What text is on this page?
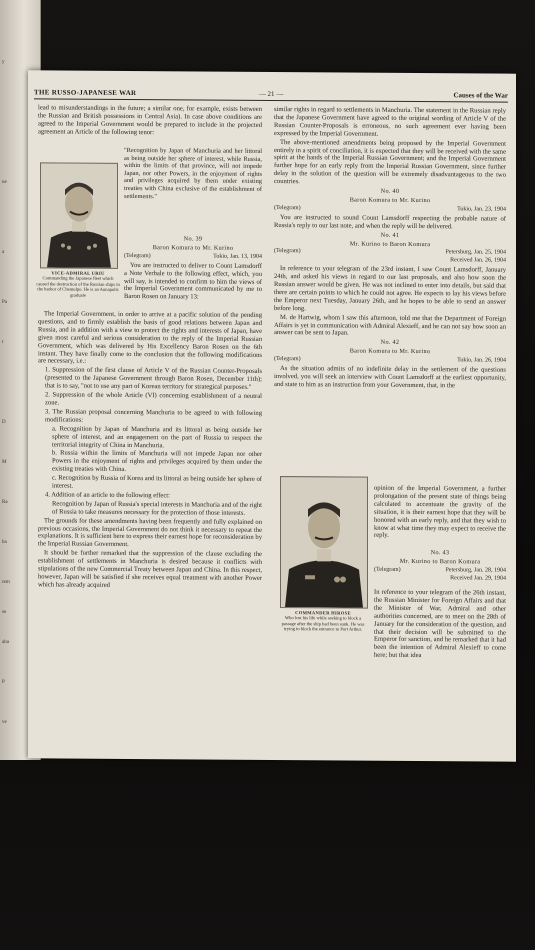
y
ne
a
Pa
t
D
M
Ra
ba
rem
se
aba
P
ve
THE RUSSO-JAPANESE WAR	— 21 —	Causes of the War
VICE-ADMIRAL URIU
Commanding the Japanese fleet which caused the destruction of the Russian ships in the harbor of Chemulpo. He is an Annapolis graduate

lead to misunderstandings in the future; a similar one, for example, exists between the Russian and British possessions in Central Asia). In case above conditions are agreed to the Imperial Government would be prepared to include in the projected agreement an Article of the following tenor:

"Recognition by Japan of Manchuria and her littoral as being outside her sphere of interest, while Russia, within the limits of that province, will not impede Japan, nor other Powers, in the enjoyment of rights and privileges acquired by them under existing treaties with China exclusive of the establishment of settlements."

No. 39

Baron Komura to Mr. Kurino

(Telegram)	Tokio, Jan. 13, 1904

You are instructed to deliver to Count Lamsdorff a Note Verbale to the following effect, which, you will say, is intended to confirm to him the views of the Imperial Government communicated by me to Baron Rosen on January 13:

The Imperial Government, in order to arrive at a pacific solution of the pending questions, and to firmly establish the basis of good relations between Japan and Russia, and in addition with a view to protect the rights and interests of Japan, have given most careful and serious consideration to the reply of the Imperial Russian Government, which was delivered by His Excellency Baron Rosen on the 6th instant. They have finally come to the conclusion that the following modifications are necessary, i.e.:

1. Suppression of the first clause of Article V of the Russian Counter-Proposals (presented to the Japanese Government through Baron Rosen, December 11th); that is to say, "not to use any part of Korean territory for strategical purposes."

2. Suppression of the whole Article (VI) concerning establishment of a neutral zone.

3. The Russian proposal concerning Manchuria to be agreed to with following modifications:

a. Recognition by Japan of Manchuria and its littoral as being outside her sphere of interest, and an engagement on the part of Russia to respect the territorial integrity of China in Manchuria.

b. Russia within the limits of Manchuria will not impede Japan nor other Powers in the enjoyment of rights and privileges acquired by them under the existing treaties with China.

c. Recognition by Russia of Korea and its littoral as being outside her sphere of interest.

4. Addition of an article to the following effect:

Recognition by Japan of Russia's special interests in Manchuria and of the right of Russia to take measures necessary for the protection of those interests.

The grounds for these amendments having been frequently and fully explained on previous occasions, the Imperial Government do not think it necessary to repeat the explanations. It is sufficient here to express their earnest hope for reconsideration by the Imperial Russian Government.

It should be further remarked that the suppression of the clause excluding the establishment of settlements in Manchuria is desired because it conflicts with stipulations of the new Commercial Treaty between Japan and China. In this respect, however, Japan will be satisfied if she receives equal treatment with another Power which has already acquired

similar rights in regard to settlements in Manchuria. The statement in the Russian reply that the Japanese Government have agreed to the original wording of Article V of the Russian Counter-Proposals is erroneous, no such agreement ever having been expressed by the Imperial Government.

The above-mentioned amendments being proposed by the Imperial Government entirely in a spirit of conciliation, it is expected that they will be received with the same spirit at the hands of the Imperial Russian Government; and the Imperial Government further hope for an early reply from the Imperial Russian Government, since further delay in the solution of the question will be extremely disadvantageous to the two countries.

No. 40

Baron Komura to Mr. Kurino

(Telegram)	Tokio, Jan. 23, 1904

You are instructed to sound Count Lamsdorff respecting the probable nature of Russia's reply to our last note, and when the reply will be delivered.

No. 41

Mr. Kurino to Baron Komura

(Telegram)	Petersburg, Jan. 25, 1904
Received Jan. 26, 1904

In reference to your telegram of the 23rd instant, I saw Count Lamsdorff, January 24th, and asked his views in regard to our last proposals, and also how soon the Russian answer would be given. He was not inclined to enter into details, but said that there are certain points to which he could not agree. He expects to lay his views before the Emperor next Tuesday, January 26th, and he hopes to be able to send an answer before long.

M. de Hartwig, whom I saw this afternoon, told me that the Department of Foreign Affairs is yet in communication with Admiral Alexieff, and he can not say how soon an answer can be sent to Japan.

No. 42

Baron Komura to Mr. Kurino

(Telegram)	Tokio, Jan. 26, 1904

As the situation admits of no indefinite delay in the settlement of the questions involved, you will seek an interview with Count Lamsdorff at the earliest opportunity, and state to him as an instruction from your Government, that, in the

COMMANDER HIROSE
Who lost his life while seeking to block a passage after the ship had been sunk. He was trying to block the entrance to Port Arthur.
opinion of the Imperial Government, a further prolongation of the present state of things being calculated to accentuate the gravity of the situation, it is their earnest hope that they will be honored with an early reply, and that they wish to know at what time they may expect to receive the reply.

No. 43

Mr. Kurino to Baron Komura

(Telegram)	Petersburg, Jan. 28, 1904
Received Jan. 29, 1904

In reference to your telegram of the 26th instant, the Russian Minister for Foreign Affairs and that the Minister of War, Admiral and other authorities concerned, are to meet on the 28th of January for the consideration of the question, and that their decision will be submitted to the Emperor for sanction, and he remarked that it had been the intention of Admiral Alexieff to come here; but that idea
